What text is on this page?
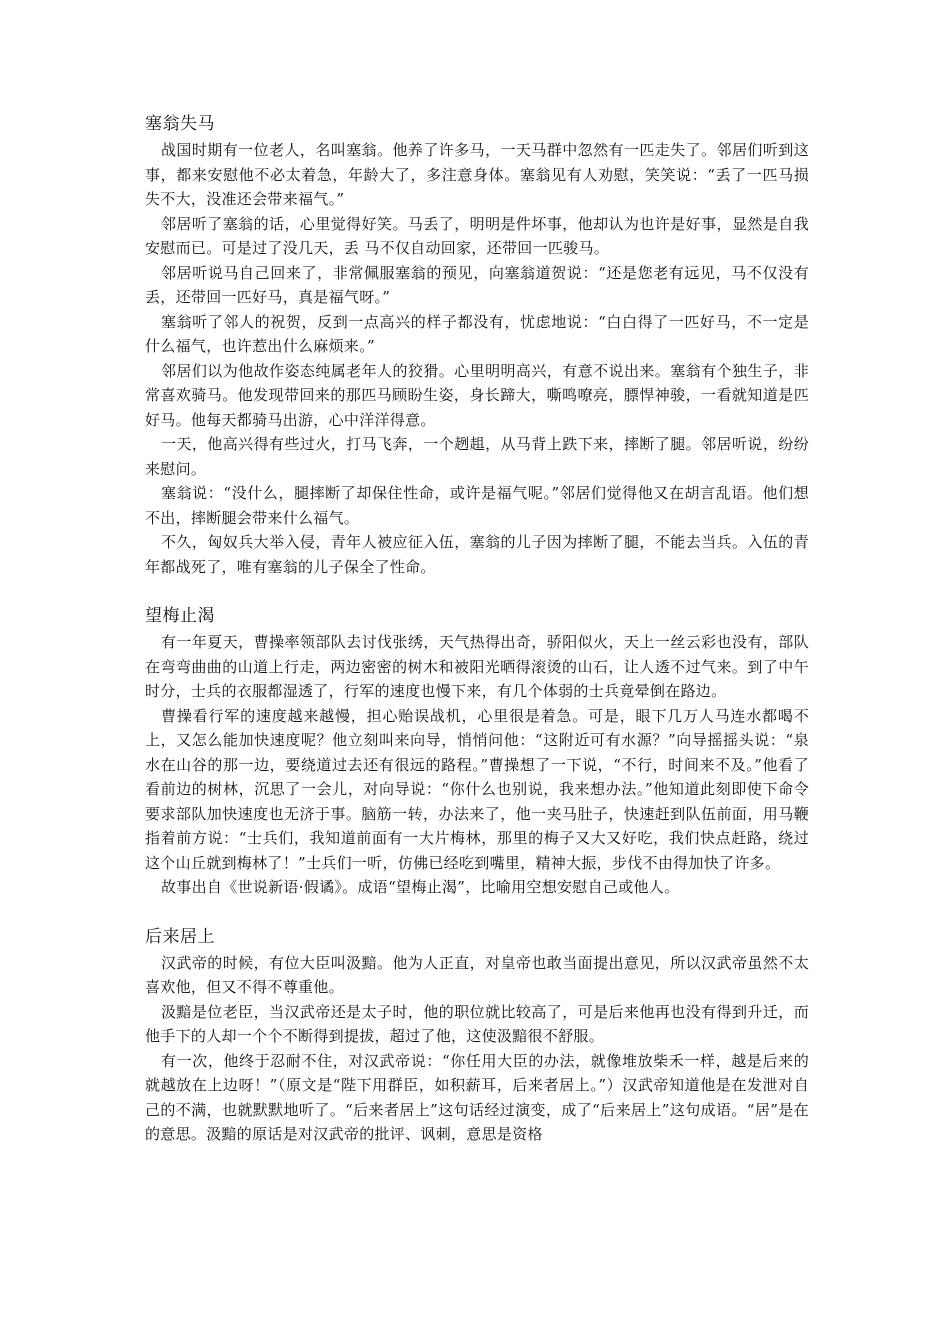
塞翁失马

战国时期有一位老人，名叫塞翁。他养了许多马，一天马群中忽然有一匹走失了。邻居们听到这事，都来安慰他不必太着急，年龄大了，多注意身体。塞翁见有人劝慰，笑笑说：“丢了一匹马损失不大，没准还会带来福气。”

邻居听了塞翁的话，心里觉得好笑。马丢了，明明是件坏事，他却认为也许是好事，显然是自我安慰而已。可是过了没几天，丢 马不仅自动回家，还带回一匹骏马。

邻居听说马自己回来了，非常佩服塞翁的预见，向塞翁道贺说：“还是您老有远见，马不仅没有丢，还带回一匹好马，真是福气呀。”

塞翁听了邻人的祝贺，反到一点高兴的样子都没有，忧虑地说：“白白得了一匹好马，不一定是什么福气，也许惹出什么麻烦来。”

邻居们以为他故作姿态纯属老年人的狡猾。心里明明高兴，有意不说出来。塞翁有个独生子，非常喜欢骑马。他发现带回来的那匹马顾盼生姿，身长蹄大，嘶鸣嘹亮，膘悍神骏，一看就知道是匹好马。他每天都骑马出游，心中洋洋得意。

一天，他高兴得有些过火，打马飞奔，一个趔趄，从马背上跌下来，摔断了腿。邻居听说，纷纷来慰问。

塞翁说：“没什么，腿摔断了却保住性命，或许是福气呢。”邻居们觉得他又在胡言乱语。他们想不出，摔断腿会带来什么福气。

不久，匈奴兵大举入侵，青年人被应征入伍，塞翁的儿子因为摔断了腿，不能去当兵。入伍的青年都战死了，唯有塞翁的儿子保全了性命。

望梅止渴

有一年夏天，曹操率领部队去讨伐张绣，天气热得出奇，骄阳似火，天上一丝云彩也没有，部队在弯弯曲曲的山道上行走，两边密密的树木和被阳光晒得滚烫的山石，让人透不过气来。到了中午时分，士兵的衣服都湿透了，行军的速度也慢下来，有几个体弱的士兵竟晕倒在路边。

曹操看行军的速度越来越慢，担心贻误战机，心里很是着急。可是，眼下几万人马连水都喝不上，又怎么能加快速度呢？他立刻叫来向导，悄悄问他：“这附近可有水源？”向导摇摇头说：“泉水在山谷的那一边，要绕道过去还有很远的路程。”曹操想了一下说，“不行，时间来不及。”他看了看前边的树林，沉思了一会儿，对向导说：“你什么也别说，我来想办法。”他知道此刻即使下命令要求部队加快速度也无济于事。脑筋一转，办法来了，他一夹马肚子，快速赶到队伍前面，用马鞭指着前方说：“士兵们，我知道前面有一大片梅林，那里的梅子又大又好吃，我们快点赶路，绕过这个山丘就到梅林了！”士兵们一听，仿佛已经吃到嘴里，精神大振，步伐不由得加快了许多。

故事出自《世说新语·假谲》。成语“望梅止渴”，比喻用空想安慰自己或他人。

后来居上

汉武帝的时候，有位大臣叫汲黯。他为人正直，对皇帝也敢当面提出意见，所以汉武帝虽然不太喜欢他，但又不得不尊重他。

汲黯是位老臣，当汉武帝还是太子时，他的职位就比较高了，可是后来他再也没有得到升迁，而他手下的人却一个个不断得到提拔，超过了他，这使汲黯很不舒服。

有一次，他终于忍耐不住，对汉武帝说：“你任用大臣的办法，就像堆放柴禾一样，越是后来的就越放在上边呀！”（原文是“陛下用群臣，如积薪耳，后来者居上。”）汉武帝知道他是在发泄对自己的不满，也就默默地听了。“后来者居上”这句话经过演变，成了“后来居上”这句成语。“居”是在的意思。汲黯的原话是对汉武帝的批评、讽刺，意思是资格
